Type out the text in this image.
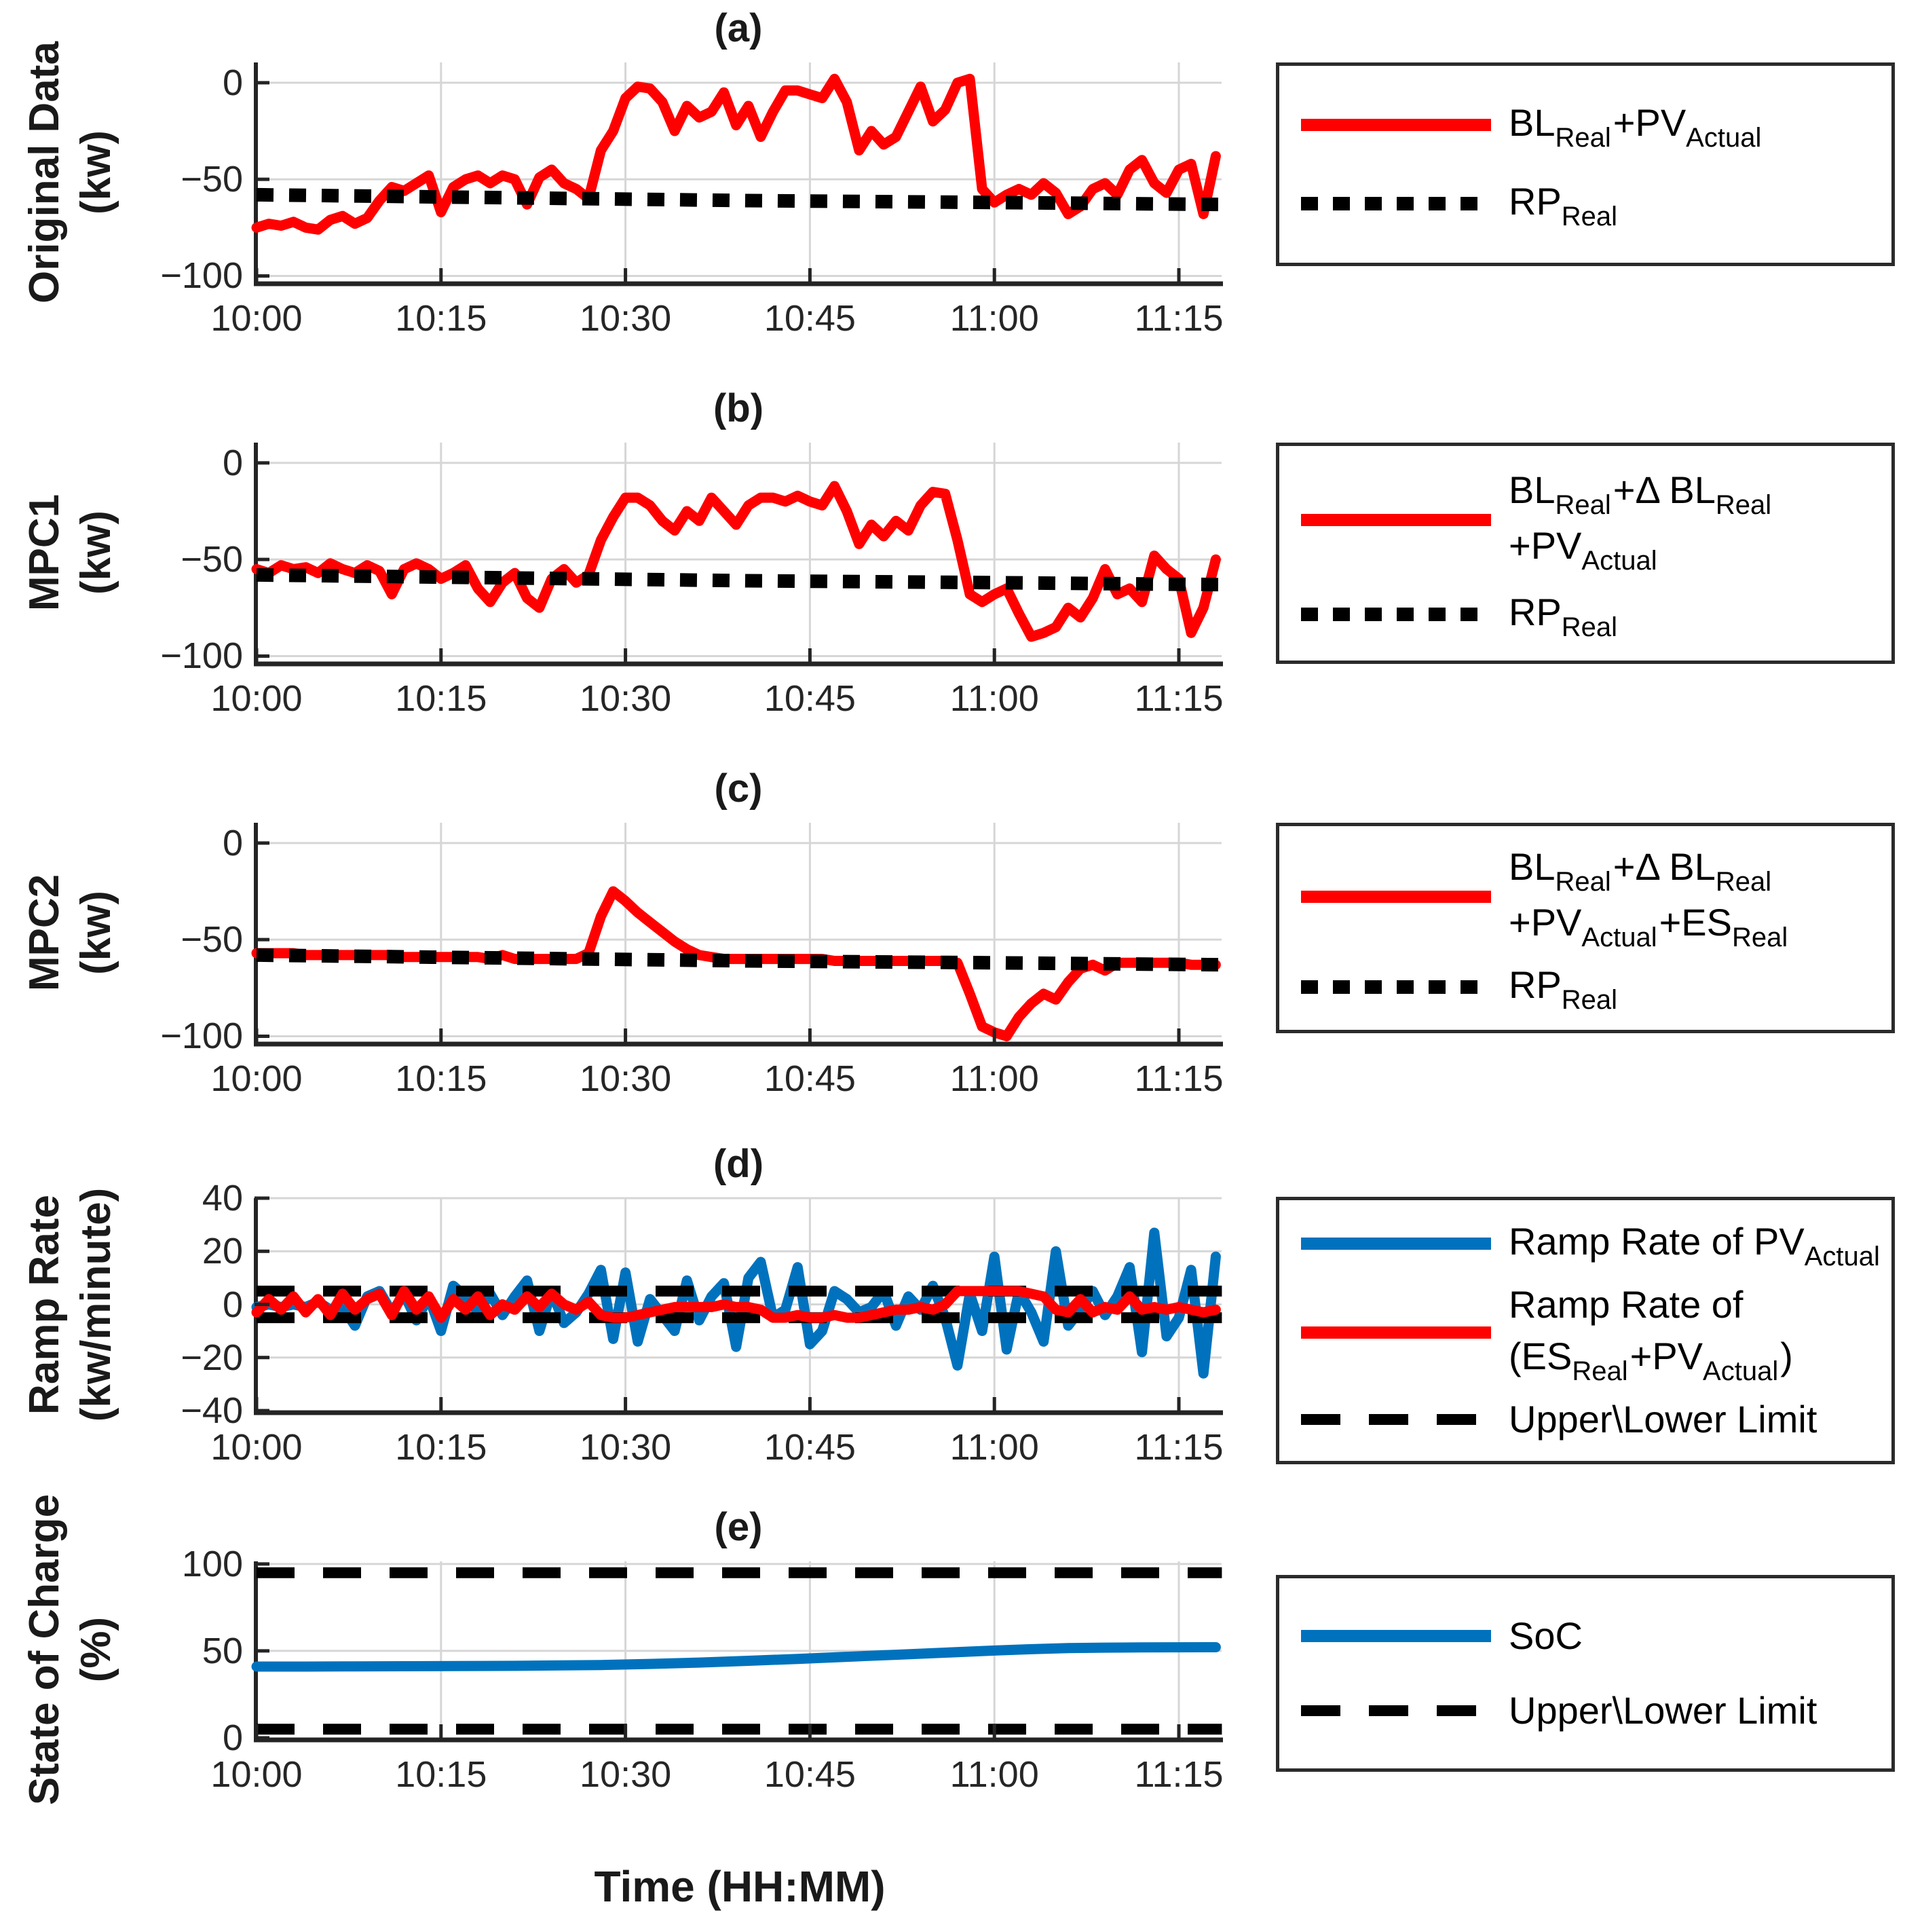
(a)
0
−50
−100
10:00	10:15	10:30	10:45	11:00	11:15
Original Data (kw)
(b)
0
−50
−100
10:00	10:15	10:30	10:45	11:00	11:15
MPC1 (kw)
(c)
0
−50
−100
10:00	10:15	10:30	10:45	11:00	11:15
MPC2 (kw)
(d)
40
20
0
−20
−40
10:00	10:15	10:30	10:45	11:00	11:15
Ramp Rate (kw/minute)
(e)
100
50
0
10:00	10:15	10:30	10:45	11:00	11:15
State of Charge (%)
BLReal+PVActual
RPReal
BLReal+Δ BLReal
+PVActual
RPReal
BLReal+Δ BLReal
+PVActual+ESReal
RPReal
Ramp Rate of PVActual
Ramp Rate of
(ESReal+PVActual)
Upper\Lower Limit
SoC
Upper\Lower Limit
Time (HH:MM)
